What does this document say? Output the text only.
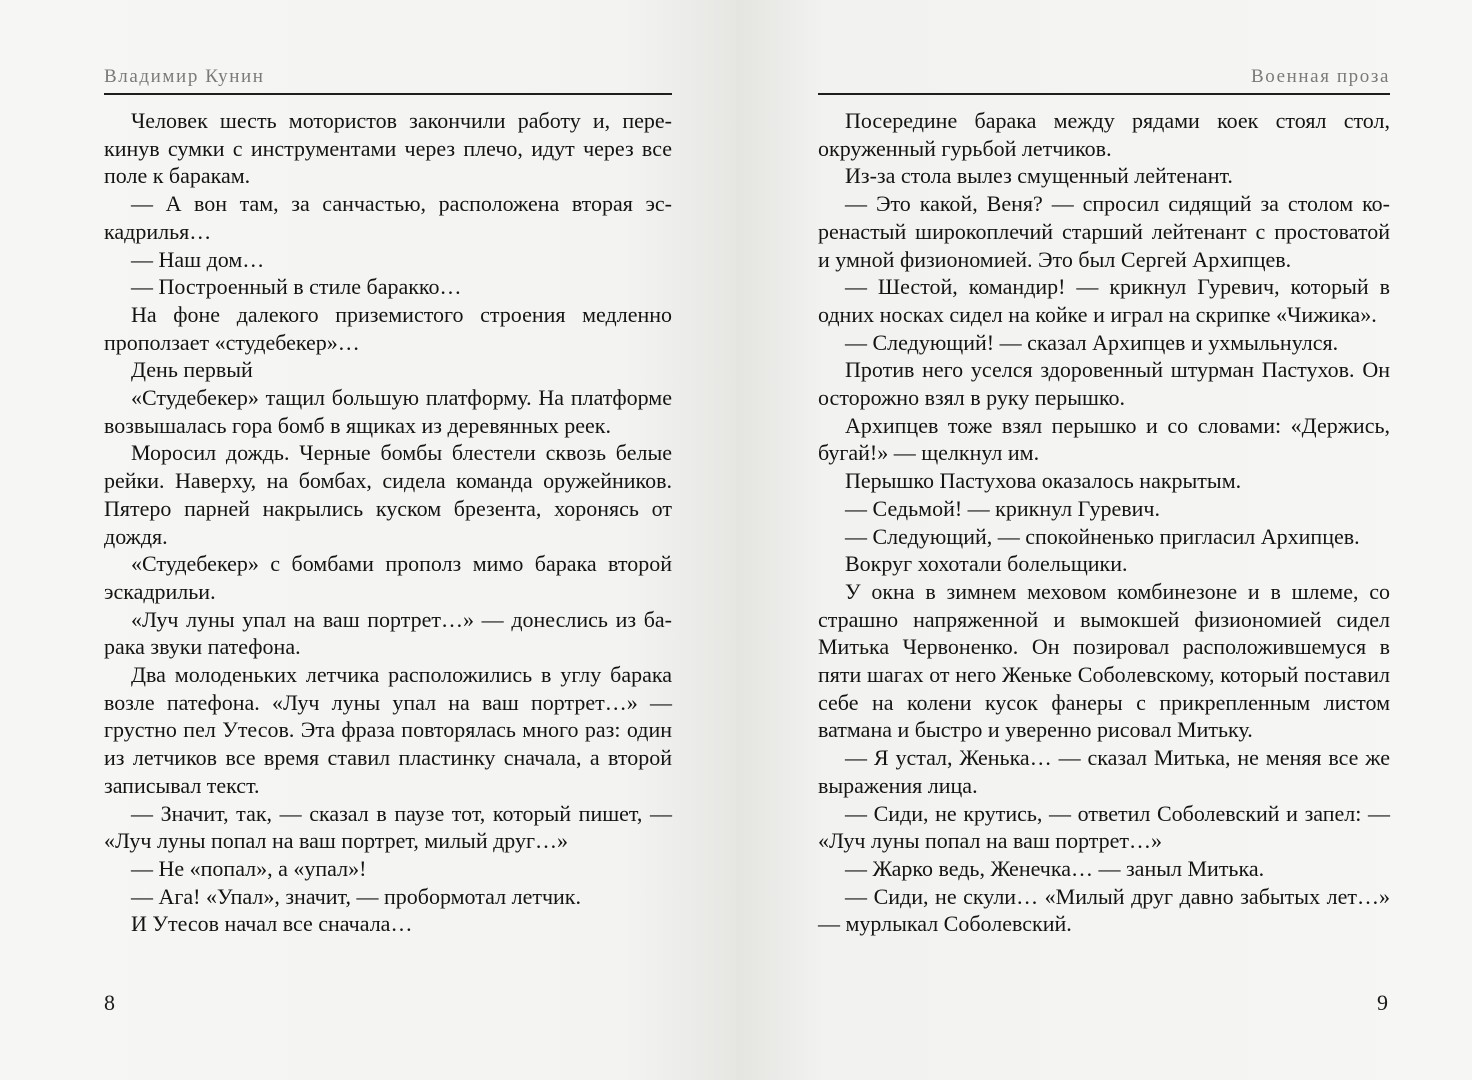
Владимир Кунин

Человек шесть мотористов закончили работу и, перекинув сумки с инструментами через плечо, идут через все поле к баракам.

— А вон там, за санчастью, расположена вторая эскадрилья…

— Наш дом…

— Построенный в стиле баракко…

На фоне далекого приземистого строения медленно проползает «студебекер»…

День первый

«Студебекер» тащил большую платформу. На платформе возвышалась гора бомб в ящиках из деревянных реек.

Моросил дождь. Черные бомбы блестели сквозь белые рейки. Наверху, на бомбах, сидела команда оружейников. Пятеро парней накрылись куском брезента, хоронясь от дождя.

«Студебекер» с бомбами прополз мимо барака второй эскадрильи.

«Луч луны упал на ваш портрет…» — донеслись из барака звуки патефона.

Два молоденьких летчика расположились в углу барака возле патефона. «Луч луны упал на ваш портрет…» — грустно пел Утесов. Эта фраза повторялась много раз: один из летчиков все время ставил пластинку сначала, а второй записывал текст.

— Значит, так, — сказал в паузе тот, который пишет, — «Луч луны попал на ваш портрет, милый друг…»

— Не «попал», а «упал»!

— Ага! «Упал», значит, — пробормотал летчик.

И Утесов начал все сначала…

8
Военная проза

Посередине барака между рядами коек стоял стол, окруженный гурьбой летчиков.

Из-за стола вылез смущенный лейтенант.

— Это какой, Веня? — спросил сидящий за столом коренастый широкоплечий старший лейтенант с простоватой и умной физиономией. Это был Сергей Архипцев.

— Шестой, командир! — крикнул Гуревич, который в одних носках сидел на койке и играл на скрипке «Чижика».

— Следующий! — сказал Архипцев и ухмыльнулся.

Против него уселся здоровенный штурман Пастухов. Он осторожно взял в руку перышко.

Архипцев тоже взял перышко и со словами: «Держись, бугай!» — щелкнул им.

Перышко Пастухова оказалось накрытым.

— Седьмой! — крикнул Гуревич.

— Следующий, — спокойненько пригласил Архипцев.

Вокруг хохотали болельщики.

У окна в зимнем меховом комбинезоне и в шлеме, со страшно напряженной и вымокшей физиономией сидел Митька Червоненко. Он позировал расположившемуся в пяти шагах от него Женьке Соболевскому, который поставил себе на колени кусок фанеры с прикрепленным листом ватмана и быстро и уверенно рисовал Митьку.

— Я устал, Женька… — сказал Митька, не меняя все же выражения лица.

— Сиди, не крутись, — ответил Соболевский и запел: — «Луч луны попал на ваш портрет…»

— Жарко ведь, Женечка… — заныл Митька.

— Сиди, не скули… «Милый друг давно забытых лет…» — мурлыкал Соболевский.

9
